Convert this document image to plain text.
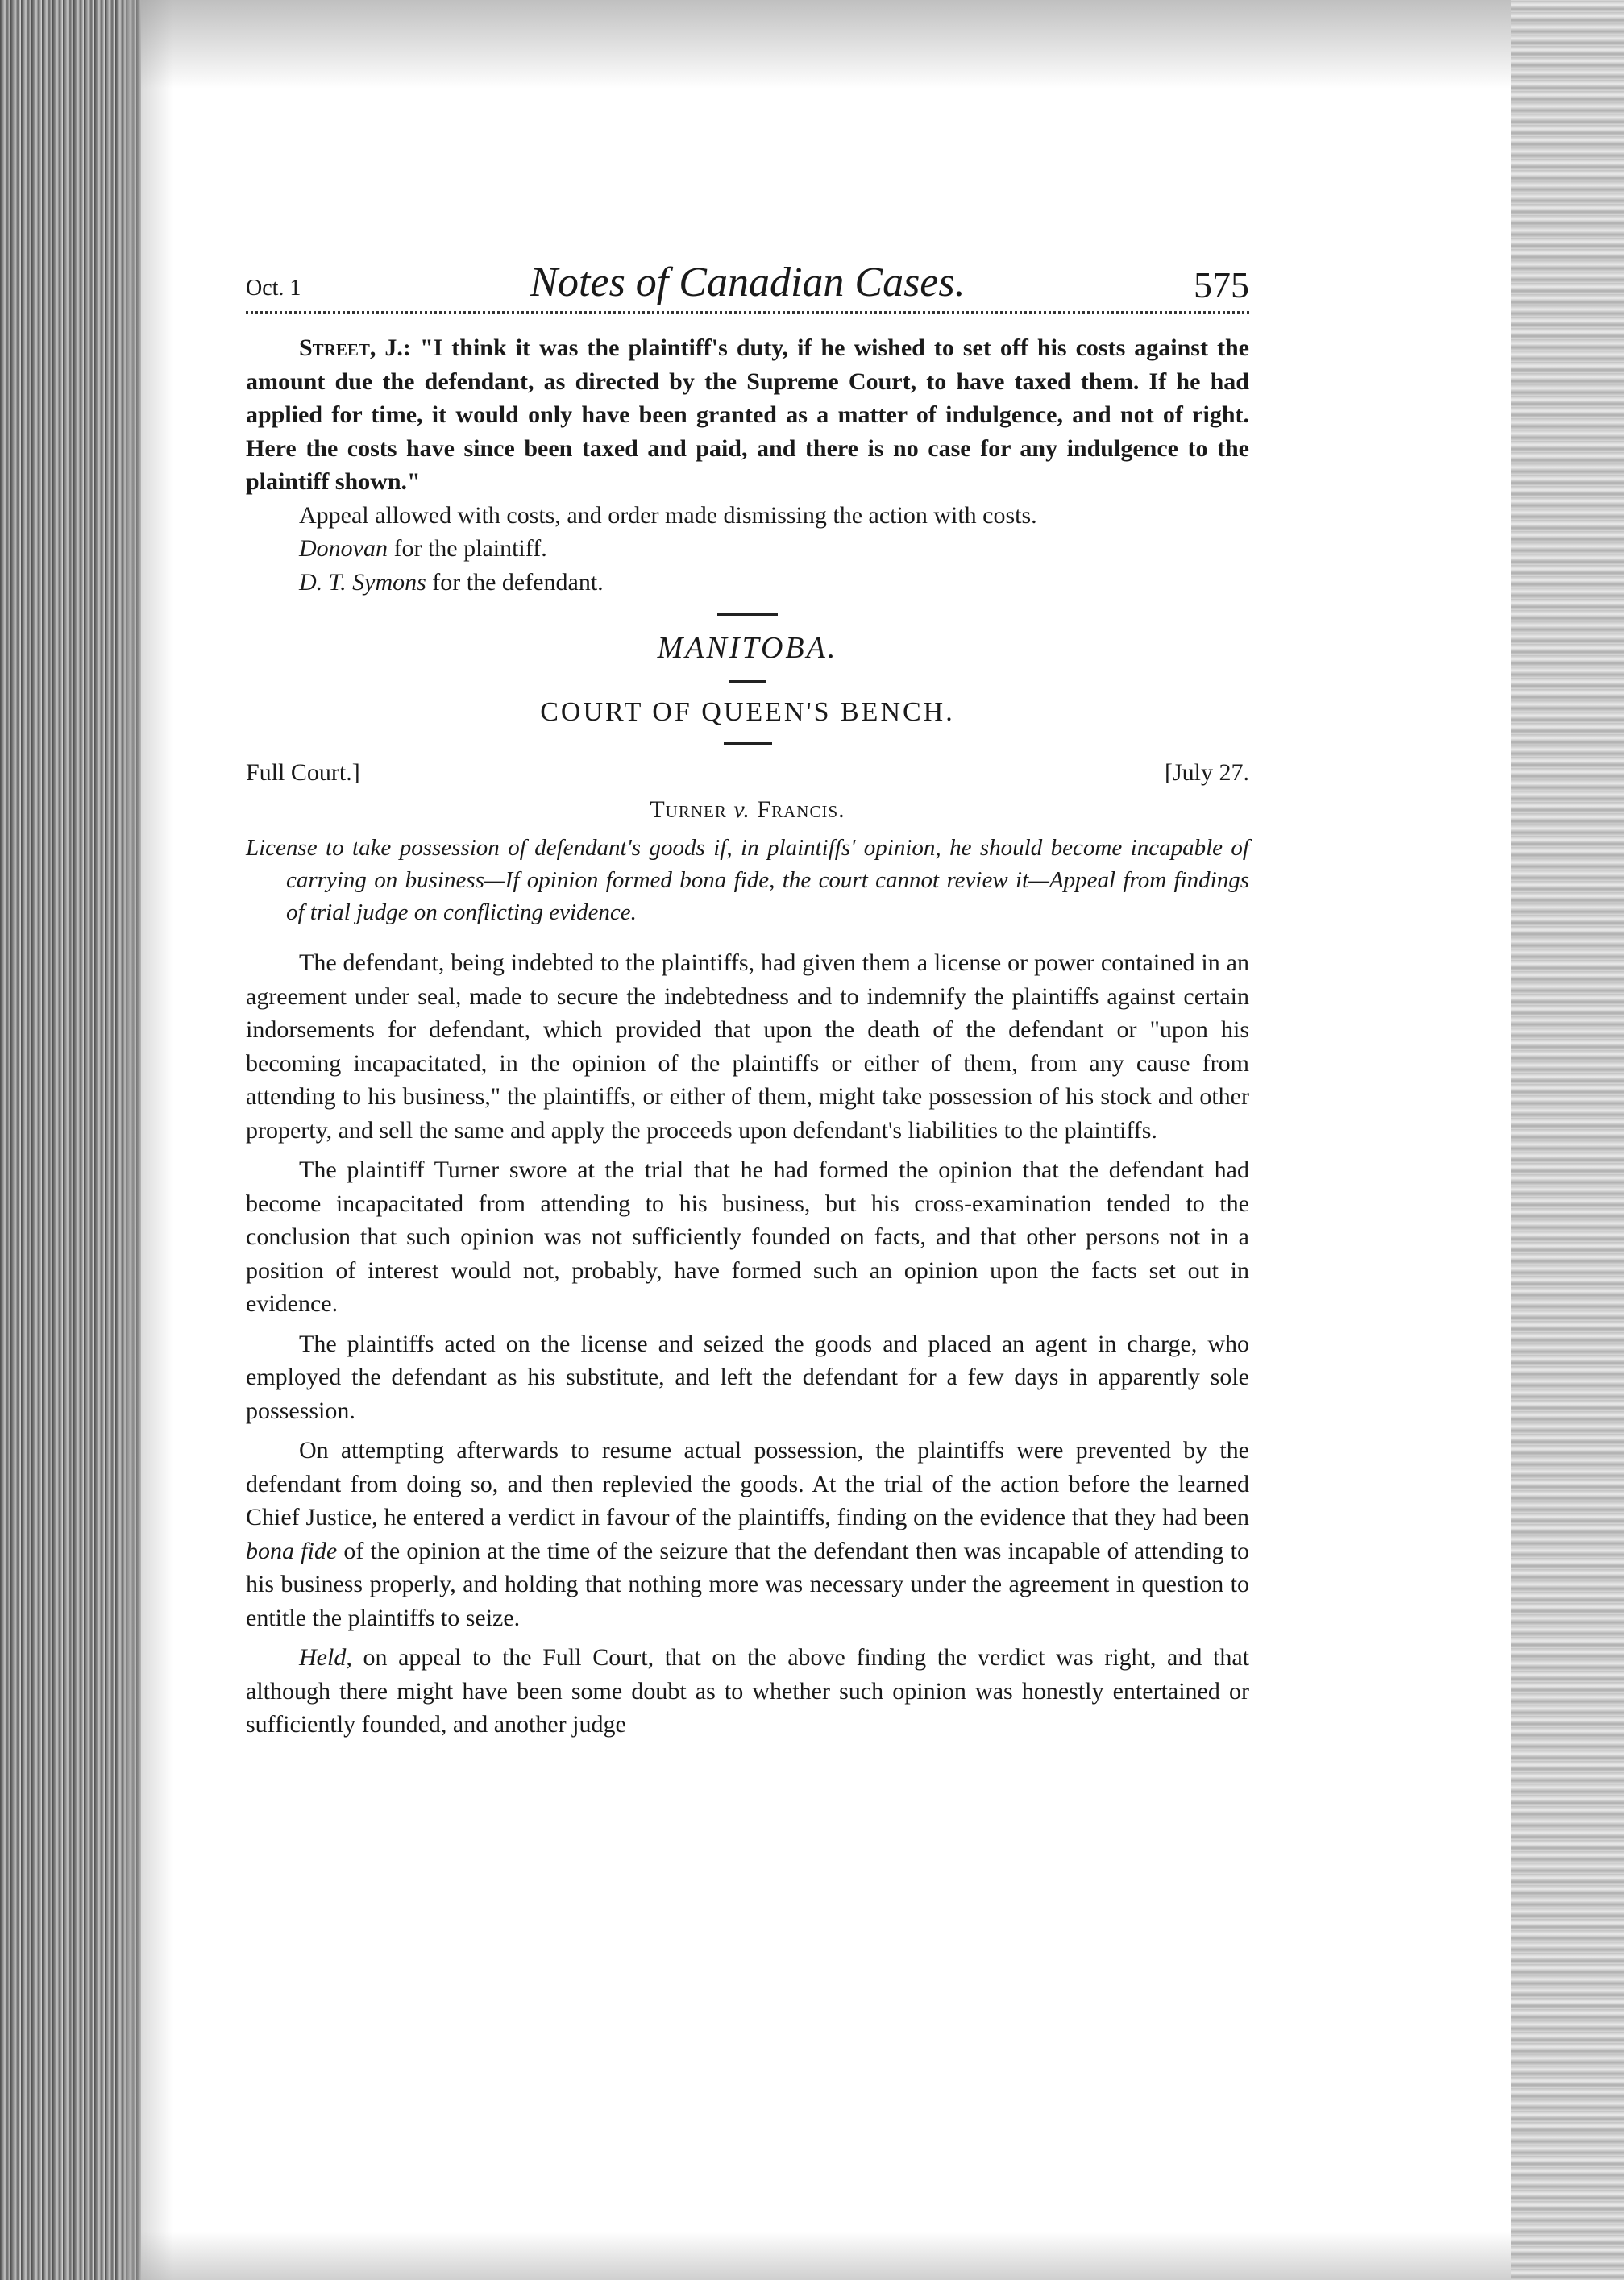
Oct. 1	Notes of Canadian Cases.	575

Street, J.: "I think it was the plaintiff's duty, if he wished to set off his costs against the amount due the defendant, as directed by the Supreme Court, to have taxed them. If he had applied for time, it would only have been granted as a matter of indulgence, and not of right. Here the costs have since been taxed and paid, and there is no case for any indulgence to the plaintiff shown."

Appeal allowed with costs, and order made dismissing the action with costs.

Donovan for the plaintiff.

D. T. Symons for the defendant.

MANITOBA.
COURT OF QUEEN'S BENCH.
Full Court.]	[July 27.
Turner v. Francis.
License to take possession of defendant's goods if, in plaintiffs' opinion, he should become incapable of carrying on business—If opinion formed bona fide, the court cannot review it—Appeal from findings of trial judge on conflicting evidence.

The defendant, being indebted to the plaintiffs, had given them a license or power contained in an agreement under seal, made to secure the indebtedness and to indemnify the plaintiffs against certain indorsements for defendant, which provided that upon the death of the defendant or "upon his becoming incapacitated, in the opinion of the plaintiffs or either of them, from any cause from attending to his business," the plaintiffs, or either of them, might take possession of his stock and other property, and sell the same and apply the proceeds upon defendant's liabilities to the plaintiffs.

The plaintiff Turner swore at the trial that he had formed the opinion that the defendant had become incapacitated from attending to his business, but his cross-examination tended to the conclusion that such opinion was not sufficiently founded on facts, and that other persons not in a position of interest would not, probably, have formed such an opinion upon the facts set out in evidence.

The plaintiffs acted on the license and seized the goods and placed an agent in charge, who employed the defendant as his substitute, and left the defendant for a few days in apparently sole possession.

On attempting afterwards to resume actual possession, the plaintiffs were prevented by the defendant from doing so, and then replevied the goods. At the trial of the action before the learned Chief Justice, he entered a verdict in favour of the plaintiffs, finding on the evidence that they had been bona fide of the opinion at the time of the seizure that the defendant then was incapable of attending to his business properly, and holding that nothing more was necessary under the agreement in question to entitle the plaintiffs to seize.

Held, on appeal to the Full Court, that on the above finding the verdict was right, and that although there might have been some doubt as to whether such opinion was honestly entertained or sufficiently founded, and another judge
